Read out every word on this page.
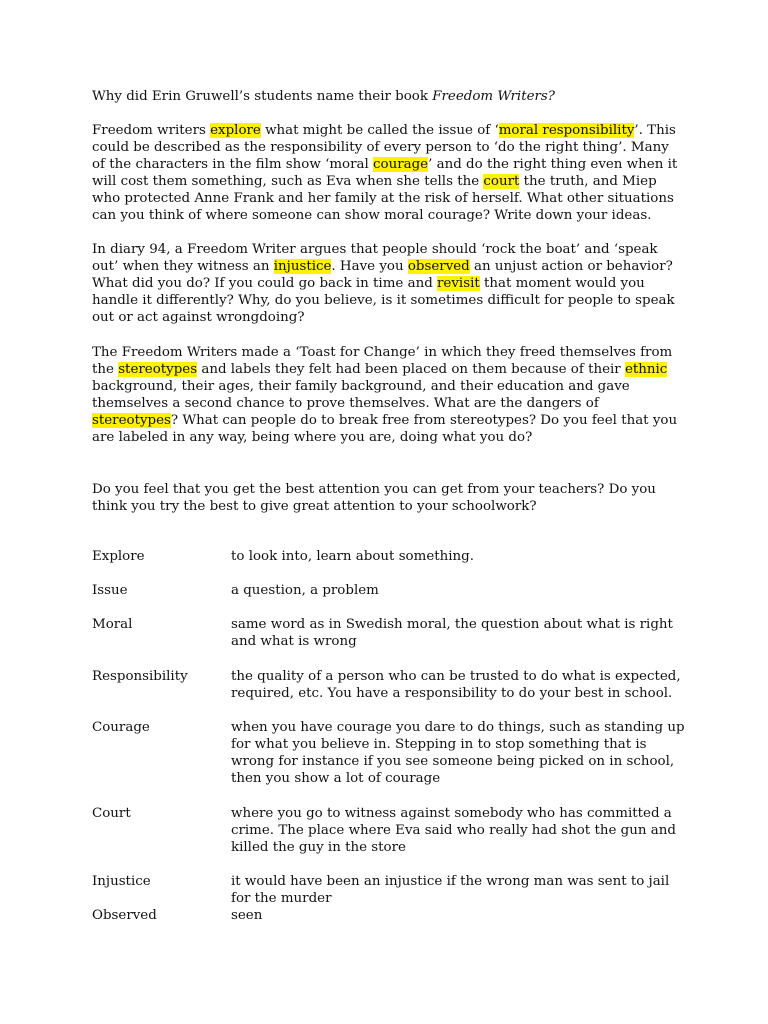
Why did Erin Gruwell’s students name their book Freedom Writers?

Freedom writers explore what might be called the issue of ‘moral responsibility’. This could be described as the responsibility of every person to ‘do the right thing’. Many of the characters in the film show ‘moral courage’ and do the right thing even when it will cost them something, such as Eva when she tells the court the truth, and Miep who protected Anne Frank and her family at the risk of herself. What other situations can you think of where someone can show moral courage? Write down your ideas.

In diary 94, a Freedom Writer argues that people should ‘rock the boat’ and ‘speak out’ when they witness an injustice. Have you observed an unjust action or behavior? What did you do? If you could go back in time and revisit that moment would you handle it differently? Why, do you believe, is it sometimes difficult for people to speak out or act against wrongdoing?

The Freedom Writers made a ‘Toast for Change’ in which they freed themselves from the stereotypes and labels they felt had been placed on them because of their ethnic background, their ages, their family background, and their education and gave themselves a second chance to prove themselves. What are the dangers of stereotypes? What can people do to break free from stereotypes? Do you feel that you are labeled in any way, being where you are, doing what you do?

Do you feel that you get the best attention you can get from your teachers? Do you think you try the best to give great attention to your schoolwork?

Explore	to look into, learn about something.

Issue	a question, a problem

Moral	same word as in Swedish moral, the question about what is right and what is wrong

Responsibility	the quality of a person who can be trusted to do what is expected, required, etc. You have a responsibility to do your best in school.

Courage	when you have courage you dare to do things, such as standing up for what you believe in. Stepping in to stop something that is wrong for instance if you see someone being picked on in school, then you show a lot of courage

Court	where you go to witness against somebody who has committed a crime. The place where Eva said who really had shot the gun and killed the guy in the store

Injustice	it would have been an injustice if the wrong man was sent to jail for the murder

Observed	seen
